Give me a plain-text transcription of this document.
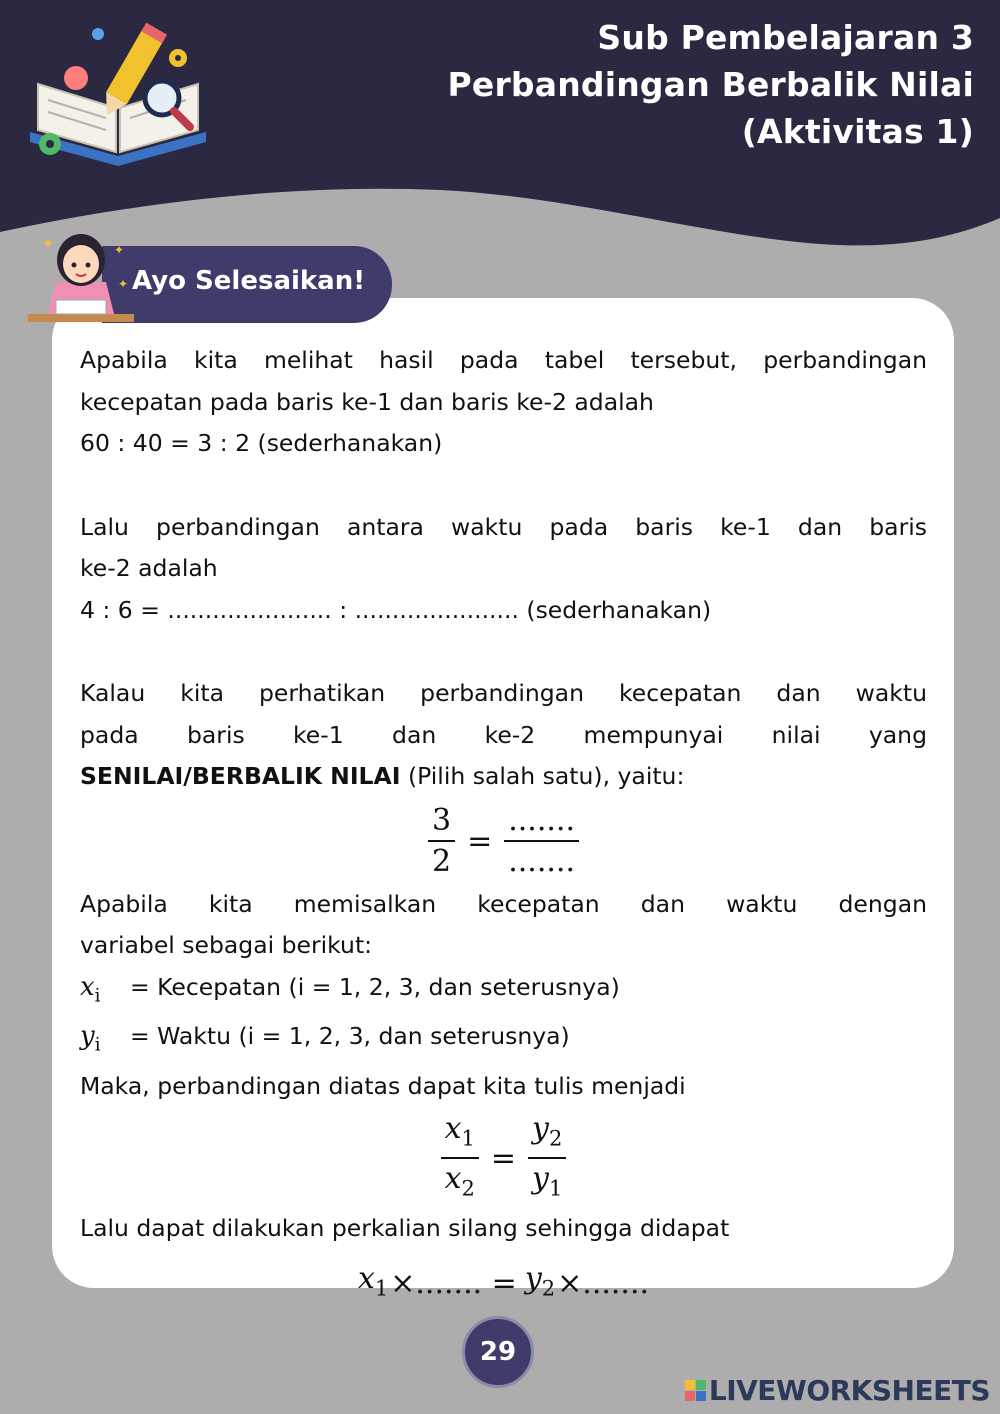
Sub Pembelajaran 3
Perbandingan Berbalik Nilai
(Aktivitas 1)
Ayo Selesaikan!
✦	✦
✦

Apabila kita melihat hasil pada tabel tersebut, perbandingan

kecepatan pada baris ke-1 dan baris ke-2 adalah

60 : 40 = 3 : 2 (sederhanakan)

Lalu perbandingan antara waktu pada baris ke-1 dan baris

ke-2 adalah

4 : 6 = ...................... : ...................... (sederhanakan)

Kalau kita perhatikan perbandingan kecepatan dan waktu

pada baris ke-1 dan ke-2 mempunyai nilai yang

SENILAI/BERBALIK NILAI (Pilih salah satu), yaitu:

$\frac{3}{2} = \frac{.......}{.......}$

Apabila kita memisalkan kecepatan dan waktu dengan

variabel sebagai berikut:

$x_i$	= Kecepatan (i = 1, 2, 3, dan seterusnya)
$y_i$	= Waktu (i = 1, 2, 3, dan seterusnya)

Maka, perbandingan diatas dapat kita tulis menjadi

$\frac{x_1}{x_2} = \frac{y_2}{y_1}$

Lalu dapat dilakukan perkalian silang sehingga didapat

$x_1$ ×....... = $y_2$ ×.......
29
LIVEWORKSHEETS
